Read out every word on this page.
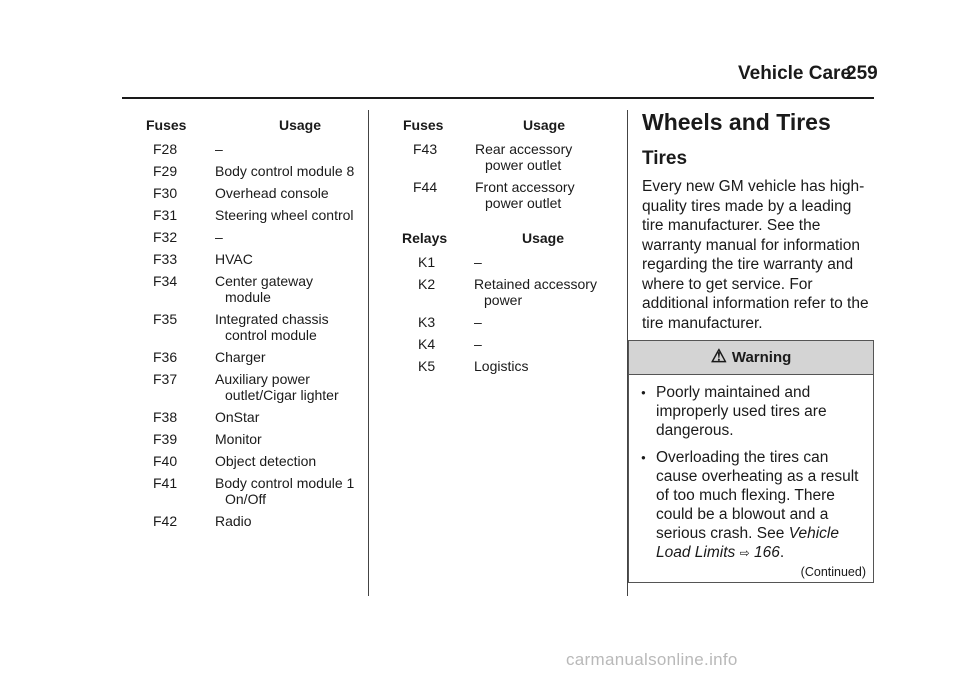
Vehicle Care
259
Fuses	Usage
F28	–
F29	Body control module 8
F30	Overhead console
F31	Steering wheel control
F32	–
F33	HVAC
F34	Center gateway module
F35	Integrated chassis control module
F36	Charger
F37	Auxiliary power outlet/Cigar lighter
F38	OnStar
F39	Monitor
F40	Object detection
F41	Body control module 1 On/Off
F42	Radio
Fuses	Usage
F43	Rear accessory power outlet
F44	Front accessory power outlet
Relays	Usage
K1	–
K2	Retained accessory power
K3	–
K4	–
K5	Logistics
Wheels and Tires
Tires
Every new GM vehicle has high-quality tires made by a leading tire manufacturer. See the warranty manual for information regarding the tire warranty and where to get service. For additional information refer to the tire manufacturer.
⚠︎ Warning
● Poorly maintained and improperly used tires are dangerous.
● Overloading the tires can cause overheating as a result of too much flexing. There could be a blowout and a serious crash. See Vehicle Load Limits ⇨ 166.
(Continued)
carmanualsonline.info
